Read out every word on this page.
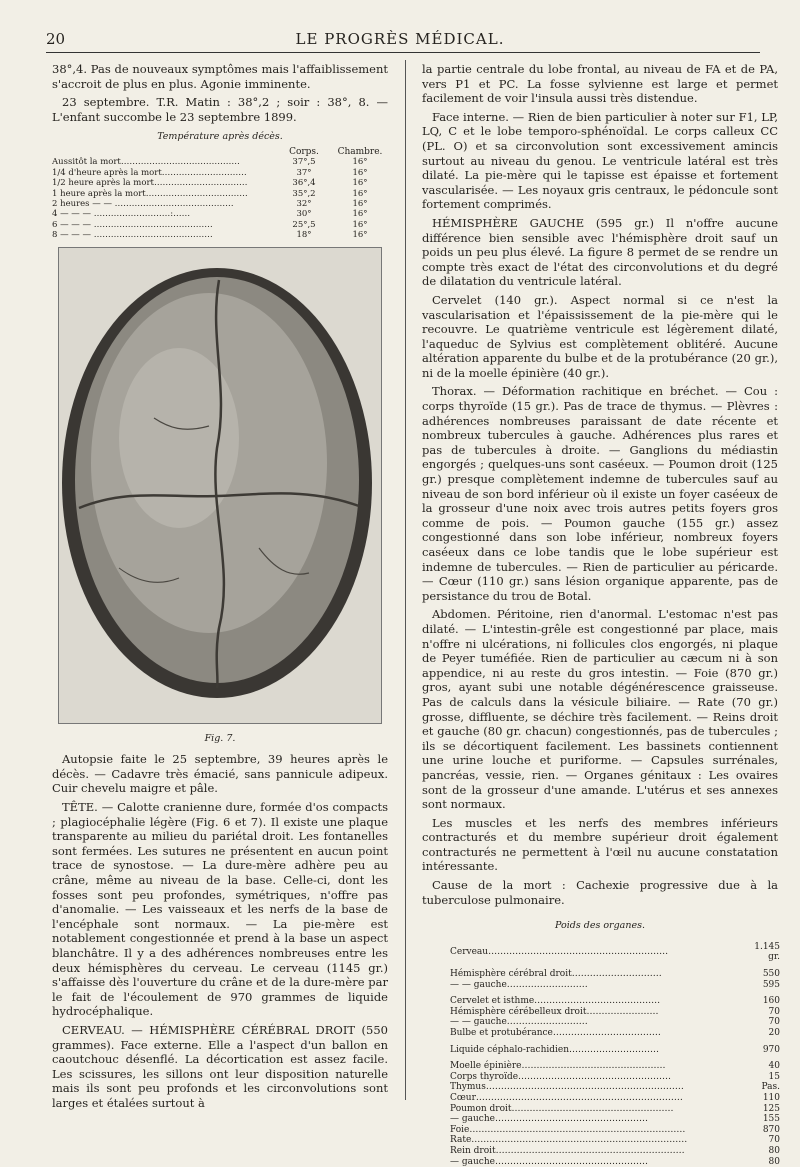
20	LE PROGRÈS MÉDICAL.

38°,4. Pas de nouveaux symptômes mais l'affaiblissement s'accroit de plus en plus. Agonie imminente.

23 septembre. T.R. Matin : 38°,2 ; soir : 38°, 8. — L'enfant succombe le 23 septembre 1899.

Température après décès.
	Corps.	Chambre.
Aussitôt la mort……………………………………	37°,5	16°
1/4 d'heure après la mort…………………………	37°	16°
1/2 heure après la mort……………………………	36°,4	16°
1 heure après la mort………………………………	35°,2	16°
2 heures — — ……………………………………	32°	16°
4 — — — ………………………:……	30°	16°
6 — — — ……………………………………	25°,5	16°
8 — — — ……………………………………	18°	16°
Fig. 7.

Autopsie faite le 25 septembre, 39 heures après le décès. — Cadavre très émacié, sans pannicule adipeux. Cuir chevelu maigre et pâle.

TÊTE. — Calotte cranienne dure, formée d'os compacts ; plagiocéphalie légère (Fig. 6 et 7). Il existe une plaque transparente au milieu du pariétal droit. Les fontanelles sont fermées. Les sutures ne présentent en aucun point trace de synostose. — La dure-mère adhère peu au crâne, même au niveau de la base. Celle-ci, dont les fosses sont peu profondes, symétriques, n'offre pas d'anomalie. — Les vaisseaux et les nerfs de la base de l'encéphale sont normaux. — La pie-mère est notablement congestionnée et prend à la base un aspect blanchâtre. Il y a des adhérences nombreuses entre les deux hémisphères du cerveau. Le cerveau (1145 gr.) s'affaisse dès l'ouverture du crâne et de la dure-mère par le fait de l'écoulement de 970 grammes de liquide hydrocéphalique.

CERVEAU. — HÉMISPHÈRE CÉRÉBRAL DROIT (550 grammes). Face externe. Elle a l'aspect d'un ballon en caoutchouc désenflé. La décortication est assez facile. Les scissures, les sillons ont leur disposition naturelle mais ils sont peu profonds et les circonvolutions sont larges et étalées surtout à

la partie centrale du lobe frontal, au niveau de FA et de PA, vers P1 et PC. La fosse sylvienne est large et permet facilement de voir l'insula aussi très distendue.

Face interne. — Rien de bien particulier à noter sur F1, LP, LQ, C et le lobe temporo-sphénoïdal. Le corps calleux CC (PL. O) et sa circonvolution sont excessivement amincis surtout au niveau du genou. Le ventricule latéral est très dilaté. La pie-mère qui le tapisse est épaisse et fortement vascularisée. — Les noyaux gris centraux, le pédoncule sont fortement comprimés.

HÉMISPHÈRE GAUCHE (595 gr.) Il n'offre aucune différence bien sensible avec l'hémisphère droit sauf un poids un peu plus élevé. La figure 8 permet de se rendre un compte très exact de l'état des circonvolutions et du degré de dilatation du ventricule latéral.

Cervelet (140 gr.). Aspect normal si ce n'est la vascularisation et l'épaississement de la pie-mère qui le recouvre. Le quatrième ventricule est légèrement dilaté, l'aqueduc de Sylvius est complètement oblitéré. Aucune altération apparente du bulbe et de la protubérance (20 gr.), ni de la moelle épinière (40 gr.).

Thorax. — Déformation rachitique en bréchet. — Cou : corps thyroïde (15 gr.). Pas de trace de thymus. — Plèvres : adhérences nombreuses paraissant de date récente et nombreux tubercules à gauche. Adhérences plus rares et pas de tubercules à droite. — Ganglions du médiastin engorgés ; quelques-uns sont caséeux. — Poumon droit (125 gr.) presque complètement indemne de tubercules sauf au niveau de son bord inférieur où il existe un foyer caséeux de la grosseur d'une noix avec trois autres petits foyers gros comme de pois. — Poumon gauche (155 gr.) assez congestionné dans son lobe inférieur, nombreux foyers caséeux dans ce lobe tandis que le lobe supérieur est indemne de tubercules. — Rien de particulier au péricarde. — Cœur (110 gr.) sans lésion organique apparente, pas de persistance du trou de Botal.

Abdomen. Péritoine, rien d'anormal. L'estomac n'est pas dilaté. — L'intestin-grêle est congestionné par place, mais n'offre ni ulcérations, ni follicules clos engorgés, ni plaque de Peyer tuméfiée. Rien de particulier au cæcum ni à son appendice, ni au reste du gros intestin. — Foie (870 gr.) gros, ayant subi une notable dégénérescence graisseuse. Pas de calculs dans la vésicule biliaire. — Rate (70 gr.) grosse, diffluente, se déchire très facilement. — Reins droit et gauche (80 gr. chacun) congestionnés, pas de tubercules ; ils se décortiquent facilement. Les bassinets contiennent une urine louche et puriforme. — Capsules surrénales, pancréas, vessie, rien. — Organes génitaux : Les ovaires sont de la grosseur d'une amande. L'utérus et ses annexes sont normaux.

Les muscles et les nerfs des membres inférieurs contracturés et du membre supérieur droit également contracturés ne permettent à l'œil nu aucune constatation intéressante.

Cause de la mort : Cachexie progressive due à la tuberculose pulmonaire.

Poids des organes.
Cerveau……………………………………………………	1.145 gr.
Hémisphère cérébral droit…………………………	550
— — gauche………………………	595
Cervelet et isthme……………………………………	160
Hémisphère cérébelleux droit……………………	70
— — gauche………………………	70
Bulbe et protubérance………………………………	20
Liquide céphalo-rachidien…………………………	970
Moelle épinière…………………………………………	40
Corps thyroïde……………………………………………	15
Thymus…………………………………………………………	Pas.
Cœur……………………………………………………………	110
Poumon droit………………………………………………	125
— gauche……………………………………………	155
Foie………………………………………………………………	870
Rate………………………………………………………………	70
Rein droit………………………………………………………	80
— gauche……………………………………………	80
